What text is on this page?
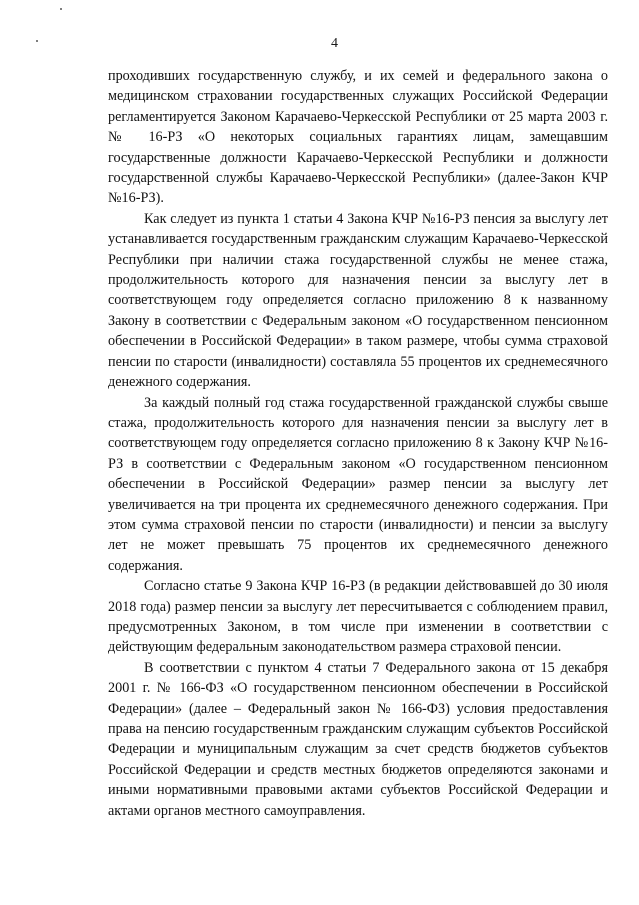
4

проходивших государственную службу, и их семей и федерального закона о медицинском страховании государственных служащих Российской Федерации регламентируется Законом Карачаево-Черкесской Республики от 25 марта 2003 г. № 16-РЗ «О некоторых социальных гарантиях лицам, замещавшим государственные должности Карачаево-Черкесской Республики и должности государственной службы Карачаево-Черкесской Республики» (далее-Закон КЧР №16-РЗ).

Как следует из пункта 1 статьи 4 Закона КЧР №16-РЗ пенсия за выслугу лет устанавливается государственным гражданским служащим Карачаево-Черкесской Республики при наличии стажа государственной службы не менее стажа, продолжительность которого для назначения пенсии за выслугу лет в соответствующем году определяется согласно приложению 8 к названному Закону в соответствии с Федеральным законом «О государственном пенсионном обеспечении в Российской Федерации» в таком размере, чтобы сумма страховой пенсии по старости (инвалидности) составляла 55 процентов их среднемесячного денежного содержания.

За каждый полный год стажа государственной гражданской службы свыше стажа, продолжительность которого для назначения пенсии за выслугу лет в соответствующем году определяется согласно приложению 8 к Закону КЧР №16-РЗ в соответствии с Федеральным законом «О государственном пенсионном обеспечении в Российской Федерации» размер пенсии за выслугу лет увеличивается на три процента их среднемесячного денежного содержания. При этом сумма страховой пенсии по старости (инвалидности) и пенсии за выслугу лет не может превышать 75 процентов их среднемесячного денежного содержания.

Согласно статье 9 Закона КЧР 16-РЗ (в редакции действовавшей до 30 июля 2018 года) размер пенсии за выслугу лет пересчитывается с соблюдением правил, предусмотренных Законом, в том числе при изменении в соответствии с действующим федеральным законодательством размера страховой пенсии.

В соответствии с пунктом 4 статьи 7 Федерального закона от 15 декабря 2001 г. № 166-ФЗ «О государственном пенсионном обеспечении в Российской Федерации» (далее – Федеральный закон № 166-ФЗ) условия предоставления права на пенсию государственным гражданским служащим субъектов Российской Федерации и муниципальным служащим за счет средств бюджетов субъектов Российской Федерации и средств местных бюджетов определяются законами и иными нормативными правовыми актами субъектов Российской Федерации и актами органов местного самоуправления.
